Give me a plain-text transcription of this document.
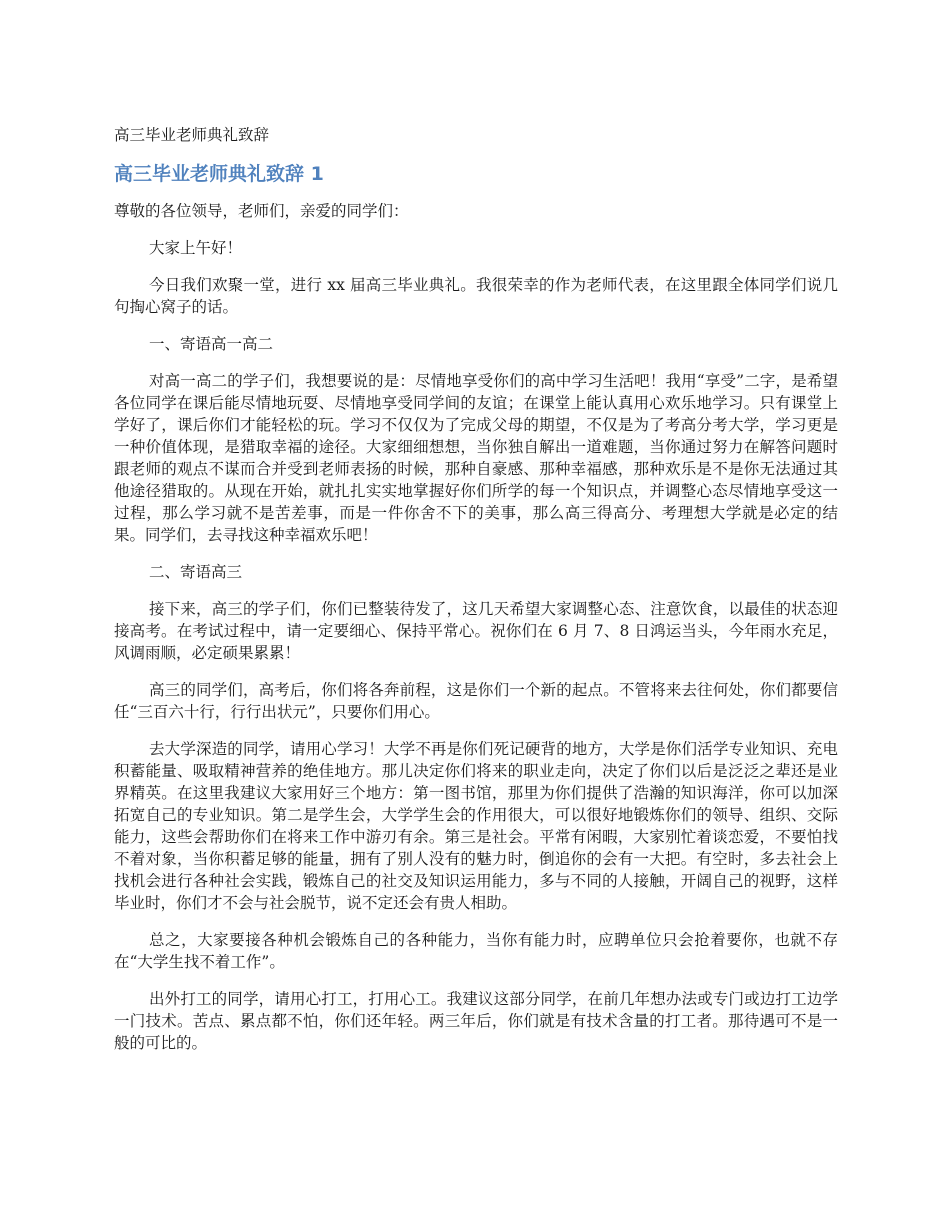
高三毕业老师典礼致辞

高三毕业老师典礼致辞 1

尊敬的各位领导，老师们，亲爱的同学们：

大家上午好！

今日我们欢聚一堂，进行 xx 届高三毕业典礼。我很荣幸的作为老师代表，在这里跟全体同学们说几句掏心窝子的话。

一、寄语高一高二

对高一高二的学子们，我想要说的是：尽情地享受你们的高中学习生活吧！我用“享受”二字，是希望各位同学在课后能尽情地玩耍、尽情地享受同学间的友谊；在课堂上能认真用心欢乐地学习。只有课堂上学好了，课后你们才能轻松的玩。学习不仅仅为了完成父母的期望，不仅是为了考高分考大学，学习更是一种价值体现，是猎取幸福的途径。大家细细想想，当你独自解出一道难题，当你通过努力在解答问题时跟老师的观点不谋而合并受到老师表扬的时候，那种自豪感、那种幸福感，那种欢乐是不是你无法通过其他途径猎取的。从现在开始，就扎扎实实地掌握好你们所学的每一个知识点，并调整心态尽情地享受这一过程，那么学习就不是苦差事，而是一件你舍不下的美事，那么高三得高分、考理想大学就是必定的结果。同学们，去寻找这种幸福欢乐吧！

二、寄语高三

接下来，高三的学子们，你们已整装待发了，这几天希望大家调整心态、注意饮食，以最佳的状态迎接高考。在考试过程中，请一定要细心、保持平常心。祝你们在 6 月 7、8 日鸿运当头，今年雨水充足，风调雨顺，必定硕果累累！

高三的同学们，高考后，你们将各奔前程，这是你们一个新的起点。不管将来去往何处，你们都要信任“三百六十行，行行出状元”，只要你们用心。

去大学深造的同学，请用心学习！大学不再是你们死记硬背的地方，大学是你们活学专业知识、充电积蓄能量、吸取精神营养的绝佳地方。那儿决定你们将来的职业走向，决定了你们以后是泛泛之辈还是业界精英。在这里我建议大家用好三个地方：第一图书馆，那里为你们提供了浩瀚的知识海洋，你可以加深拓宽自己的专业知识。第二是学生会，大学学生会的作用很大，可以很好地锻炼你们的领导、组织、交际能力，这些会帮助你们在将来工作中游刃有余。第三是社会。平常有闲暇，大家别忙着谈恋爱，不要怕找不着对象，当你积蓄足够的能量，拥有了别人没有的魅力时，倒追你的会有一大把。有空时，多去社会上找机会进行各种社会实践，锻炼自己的社交及知识运用能力，多与不同的人接触，开阔自己的视野，这样毕业时，你们才不会与社会脱节，说不定还会有贵人相助。

总之，大家要接各种机会锻炼自己的各种能力，当你有能力时，应聘单位只会抢着要你，也就不存在“大学生找不着工作”。

出外打工的同学，请用心打工，打用心工。我建议这部分同学，在前几年想办法或专门或边打工边学一门技术。苦点、累点都不怕，你们还年轻。两三年后，你们就是有技术含量的打工者。那待遇可不是一般的可比的。
